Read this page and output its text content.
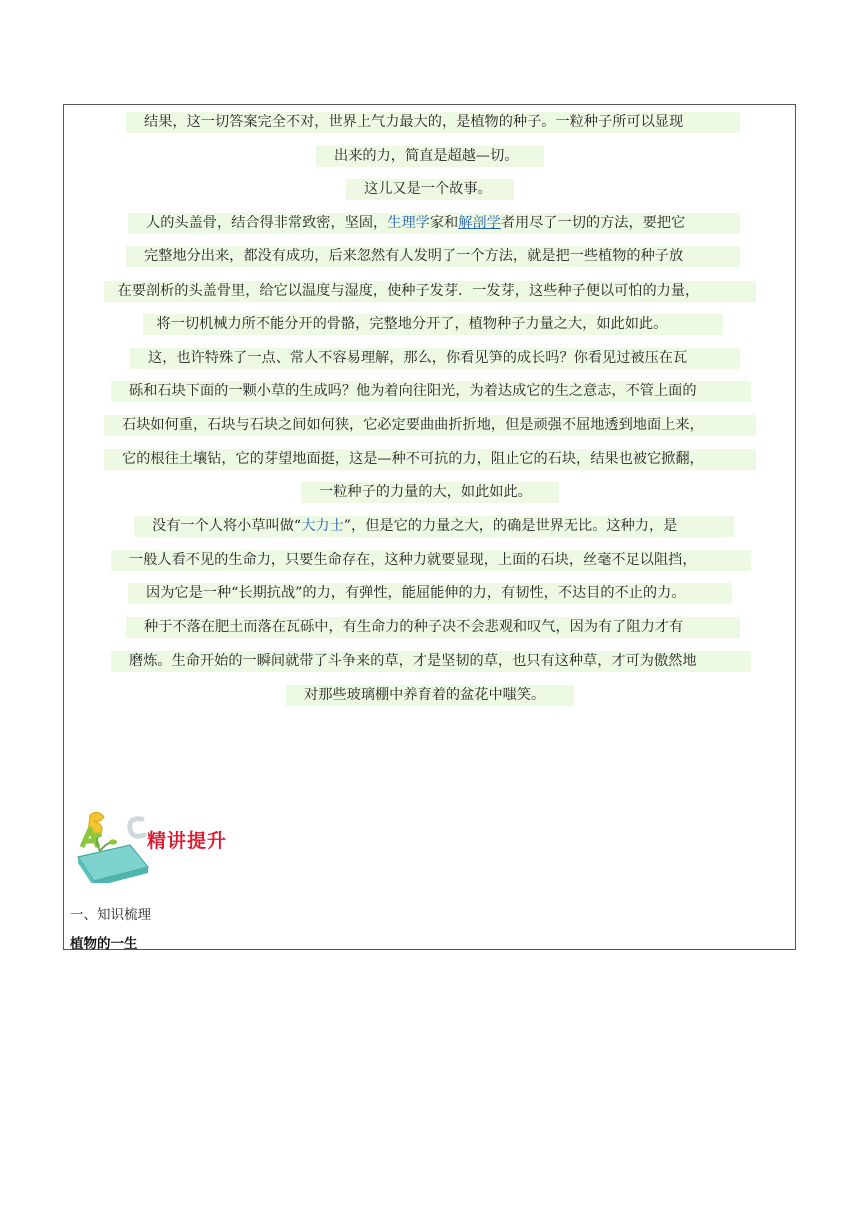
结果，这一切答案完全不对，世界上气力最大的，是植物的种子。一粒种子所可以显现
出来的力，简直是超越—切。
这儿又是一个故事。
人的头盖骨，结合得非常致密，坚固，生理学家和解剖学者用尽了一切的方法，要把它
完整地分出来，都没有成功，后来忽然有人发明了一个方法，就是把一些植物的种子放
在要剖析的头盖骨里，给它以温度与湿度，使种子发芽．一发芽，这些种子便以可怕的力量，
将一切机械力所不能分开的骨骼，完整地分开了，植物种子力量之大，如此如此。
这，也许特殊了一点、常人不容易理解，那么，你看见笋的成长吗？你看见过被压在瓦
砾和石块下面的一颗小草的生成吗？他为着向往阳光，为着达成它的生之意志，不管上面的
石块如何重，石块与石块之间如何狭，它必定要曲曲折折地，但是顽强不屈地透到地面上来，
它的根往土壤钻，它的芽望地面挺，这是—种不可抗的力，阻止它的石块，结果也被它掀翻，
一粒种子的力量的大，如此如此。
没有一个人将小草叫做“大力士”，但是它的力量之大，的确是世界无比。这种力，是
一般人看不见的生命力，只要生命存在，这种力就要显现，上面的石块，丝毫不足以阻挡，
因为它是一种“长期抗战”的力，有弹性，能屈能伸的力，有韧性，不达目的不止的力。
种于不落在肥土而落在瓦砾中，有生命力的种子决不会悲观和叹气，因为有了阻力才有
磨炼。生命开始的一瞬间就带了斗争来的草，才是坚韧的草，也只有这种草，才可为傲然地
对那些玻璃棚中养育着的盆花中嗤笑。
精讲提升
一、知识梳理
植物的一生
